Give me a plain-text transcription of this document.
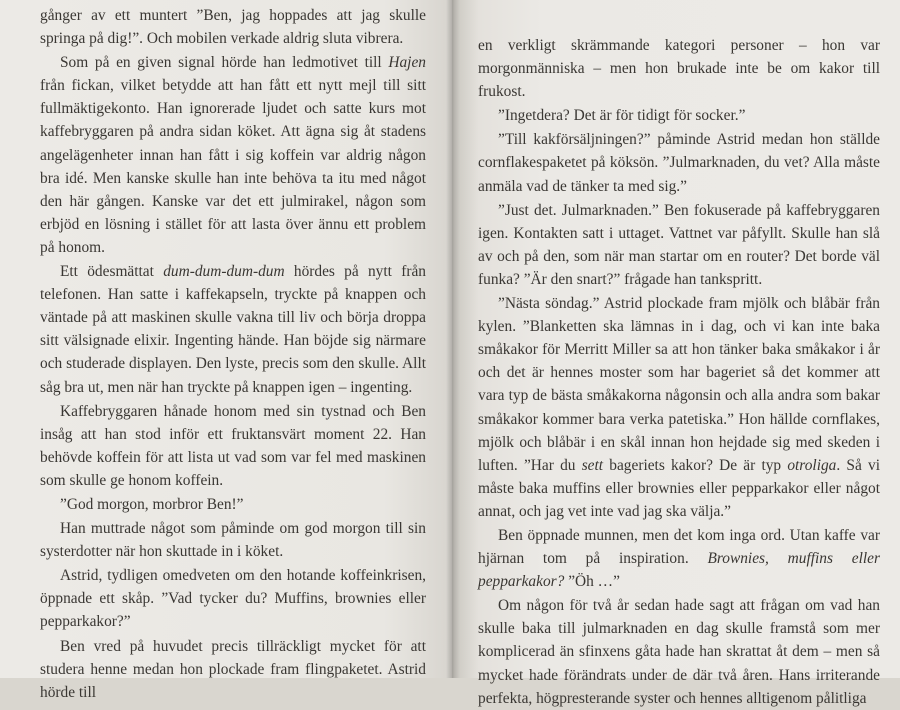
gånger av ett muntert ”Ben, jag hoppades att jag skulle springa på dig!”. Och mobilen verkade aldrig sluta vibrera.

Som på en given signal hörde han ledmotivet till Hajen från fickan, vilket betydde att han fått ett nytt mejl till sitt fullmäktigekonto. Han ignorerade ljudet och satte kurs mot kaffebryggaren på andra sidan köket. Att ägna sig åt stadens angelägenheter innan han fått i sig koffein var aldrig någon bra idé. Men kanske skulle han inte behöva ta itu med något den här gången. Kanske var det ett julmirakel, någon som erbjöd en lösning i stället för att lasta över ännu ett problem på honom.

Ett ödesmättat dum-dum-dum-dum hördes på nytt från telefonen. Han satte i kaffekapseln, tryckte på knappen och väntade på att maskinen skulle vakna till liv och börja droppa sitt välsignade elixir. Ingenting hände. Han böjde sig närmare och studerade displayen. Den lyste, precis som den skulle. Allt såg bra ut, men när han tryckte på knappen igen – ingenting.

Kaffebryggaren hånade honom med sin tystnad och Ben insåg att han stod inför ett fruktansvärt moment 22. Han behövde koffein för att lista ut vad som var fel med maskinen som skulle ge honom koffein.

”God morgon, morbror Ben!”

Han muttrade något som påminde om god morgon till sin systerdotter när hon skuttade in i köket.

Astrid, tydligen omedveten om den hotande koffeinkrisen, öppnade ett skåp. ”Vad tycker du? Muffins, brownies eller pepparkakor?”

Ben vred på huvudet precis tillräckligt mycket för att studera henne medan hon plockade fram flingpaketet. Astrid hörde till

en verkligt skrämmande kategori personer – hon var morgonmänniska – men hon brukade inte be om kakor till frukost.

”Ingetdera? Det är för tidigt för socker.”

”Till kakförsäljningen?” påminde Astrid medan hon ställde cornflakespaketet på köksön. ”Julmarknaden, du vet? Alla måste anmäla vad de tänker ta med sig.”

”Just det. Julmarknaden.” Ben fokuserade på kaffebryggaren igen. Kontakten satt i uttaget. Vattnet var påfyllt. Skulle han slå av och på den, som när man startar om en router? Det borde väl funka? ”Är den snart?” frågade han tankspritt.

”Nästa söndag.” Astrid plockade fram mjölk och blåbär från kylen. ”Blanketten ska lämnas in i dag, och vi kan inte baka småkakor för Merritt Miller sa att hon tänker baka småkakor i år och det är hennes moster som har bageriet så det kommer att vara typ de bästa småkakorna någonsin och alla andra som bakar småkakor kommer bara verka patetiska.” Hon hällde cornflakes, mjölk och blåbär i en skål innan hon hejdade sig med skeden i luften. ”Har du sett bageriets kakor? De är typ otroliga. Så vi måste baka muffins eller brownies eller pepparkakor eller något annat, och jag vet inte vad jag ska välja.”

Ben öppnade munnen, men det kom inga ord. Utan kaffe var hjärnan tom på inspiration. Brownies, muffins eller pepparkakor? ”Öh …”

Om någon för två år sedan hade sagt att frågan om vad han skulle baka till julmarknaden en dag skulle framstå som mer komplicerad än sfinxens gåta hade han skrattat åt dem – men så mycket hade förändrats under de där två åren. Hans irriterande perfekta, högpresterande syster och hennes alltigenom pålitliga
